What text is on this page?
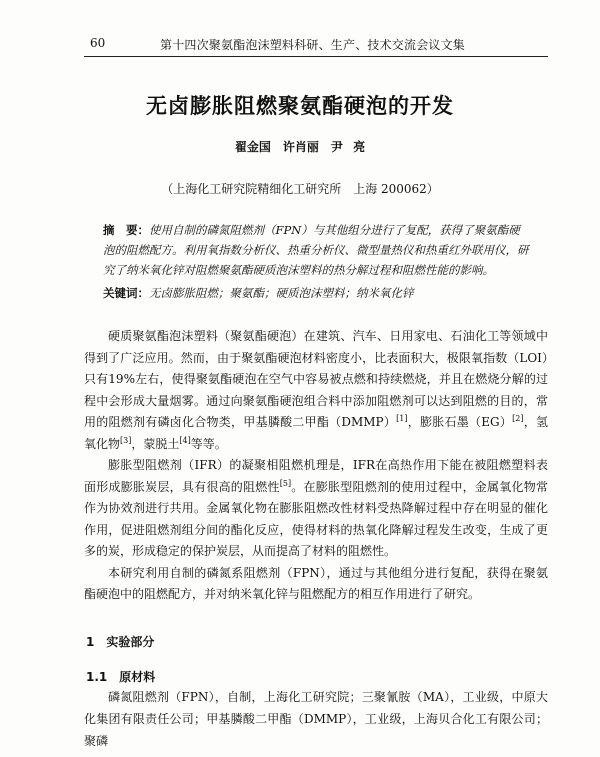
60	第十四次聚氨酯泡沫塑料科研、生产、技术交流会议文集
无卤膨胀阻燃聚氨酯硬泡的开发
翟金国　许肖丽　尹 亮
（上海化工研究院精细化工研究所　上海 200062）

摘　要：使用自制的磷氮阻燃剂（FPN）与其他组分进行了复配，获得了聚氨酯硬泡的阻燃配方。利用氧指数分析仪、热重分析仪、微型量热仪和热重红外联用仪，研究了纳米氧化锌对阻燃聚氨酯硬质泡沫塑料的热分解过程和阻燃性能的影响。

关键词：无卤膨胀阻燃；聚氨酯；硬质泡沫塑料；纳米氧化锌

硬质聚氨酯泡沫塑料（聚氨酯硬泡）在建筑、汽车、日用家电、石油化工等领域中得到了广泛应用。然而，由于聚氨酯硬泡材料密度小，比表面积大，极限氧指数（LOI）只有19%左右，使得聚氨酯硬泡在空气中容易被点燃和持续燃烧，并且在燃烧分解的过程中会形成大量烟雾。通过向聚氨酯硬泡组合料中添加阻燃剂可以达到阻燃的目的，常用的阻燃剂有磷卤化合物类，甲基膦酸二甲酯（DMMP）[1]，膨胀石墨（EG）[2]，氢氧化物[3]，蒙脱土[4]等等。

膨胀型阻燃剂（IFR）的凝聚相阻燃机理是，IFR在高热作用下能在被阻燃塑料表面形成膨胀炭层，具有很高的阻燃性[5]。在膨胀型阻燃剂的使用过程中，金属氧化物常作为协效剂进行共用。金属氧化物在膨胀阻燃改性材料受热降解过程中存在明显的催化作用，促进阻燃剂组分间的酯化反应，使得材料的热氧化降解过程发生改变，生成了更多的炭，形成稳定的保护炭层，从而提高了材料的阻燃性。

本研究利用自制的磷氮系阻燃剂（FPN），通过与其他组分进行复配，获得在聚氨酯硬泡中的阻燃配方，并对纳米氧化锌与阻燃配方的相互作用进行了研究。

1 实验部分
1.1 原材料

磷氮阻燃剂（FPN），自制，上海化工研究院；三聚氰胺（MA），工业级，中原大化集团有限责任公司；甲基膦酸二甲酯（DMMP），工业级，上海贝合化工有限公司；聚磷
